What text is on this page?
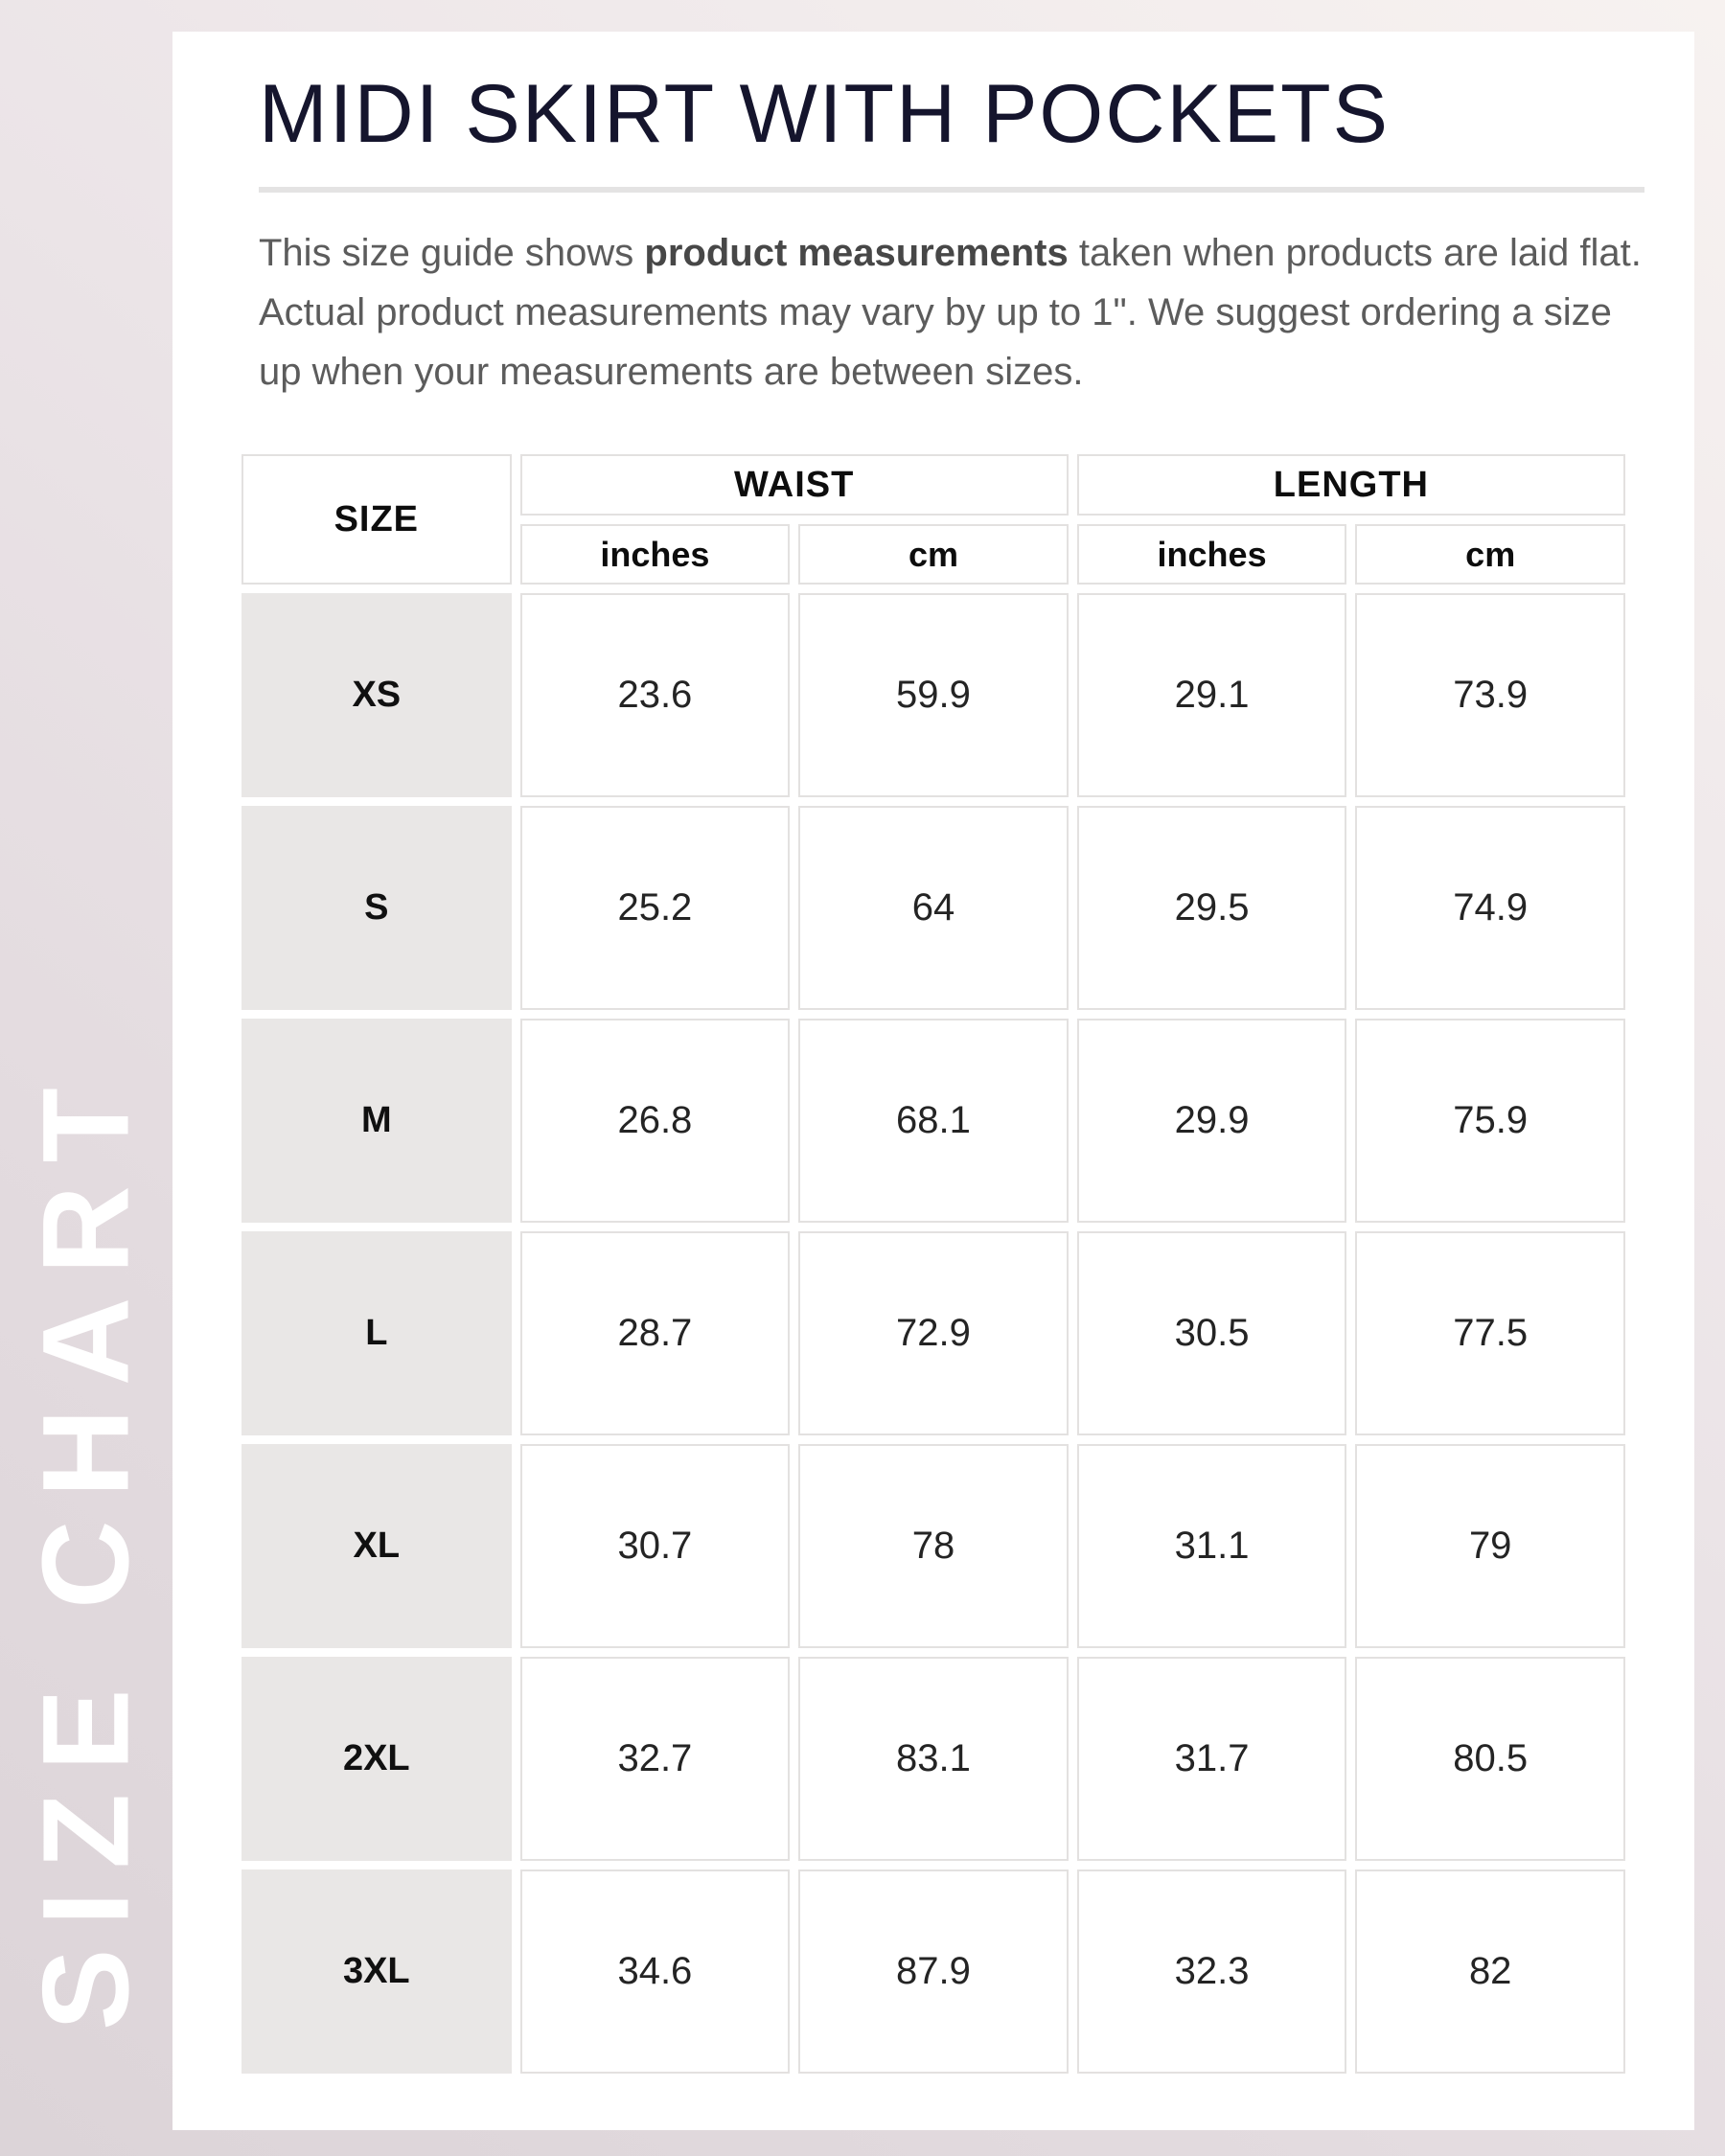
SIZE CHART
MIDI SKIRT WITH POCKETS

This size guide shows product measurements taken when products are laid flat. Actual product measurements may vary by up to 1". We suggest ordering a size up when your measurements are between sizes.

SIZE	WAIST		LENGTH	
	inches	cm	inches	cm
XS	23.6	59.9	29.1	73.9
S	25.2	64	29.5	74.9
M	26.8	68.1	29.9	75.9
L	28.7	72.9	30.5	77.5
XL	30.7	78	31.1	79
2XL	32.7	83.1	31.7	80.5
3XL	34.6	87.9	32.3	82
